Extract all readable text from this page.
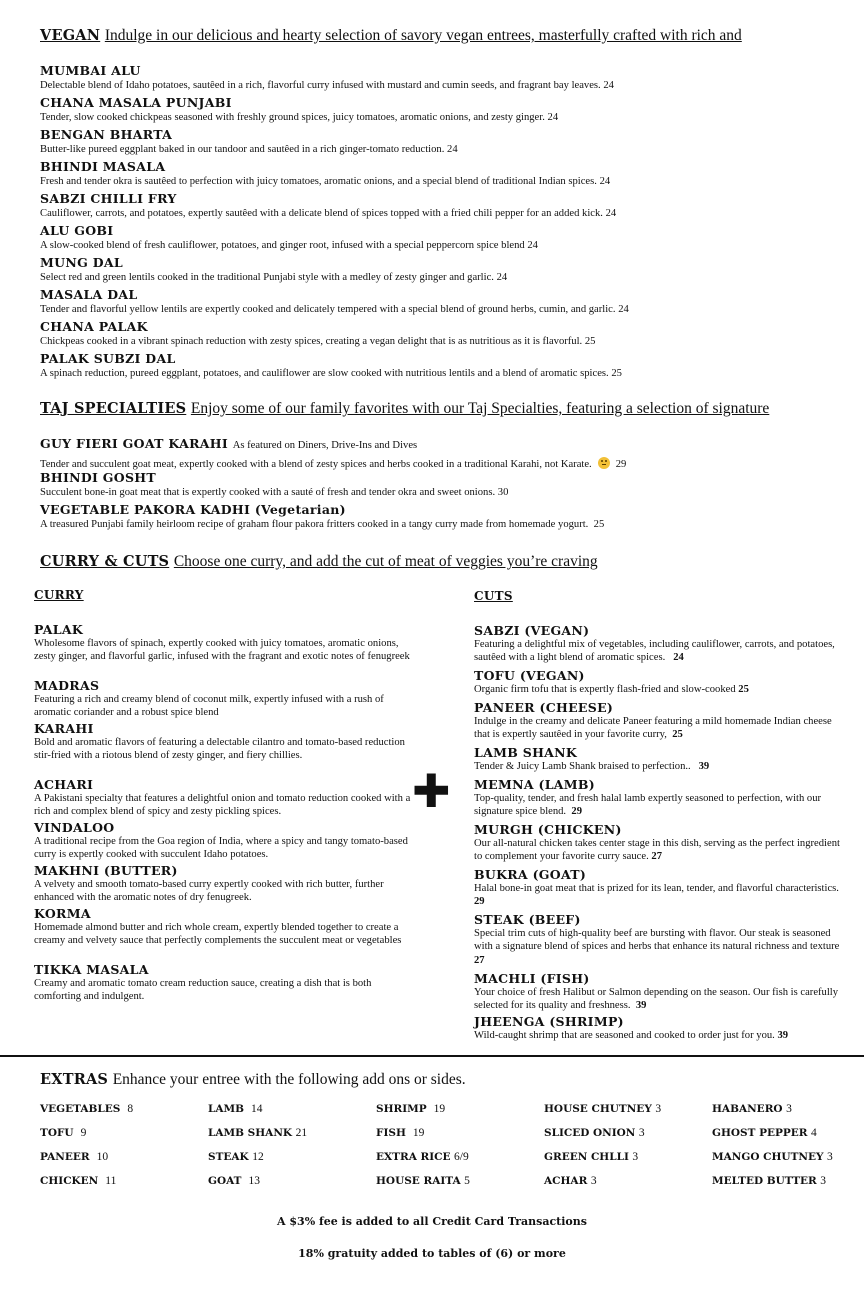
VEGAN Indulge in our delicious and hearty selection of savory vegan entrees, masterfully crafted with rich and
MUMBAI ALU
Delectable blend of Idaho potatoes, sautêed in a rich, flavorful curry infused with mustard and cumin seeds, and fragrant bay leaves. 24
CHANA MASALA PUNJABI
Tender, slow cooked chickpeas seasoned with freshly ground spices, juicy tomatoes, aromatic onions, and zesty ginger. 24
BENGAN BHARTA
Butter-like pureed eggplant baked in our tandoor and sautêed in a rich ginger-tomato reduction. 24
BHINDI MASALA
Fresh and tender okra is sautêed to perfection with juicy tomatoes, aromatic onions, and a special blend of traditional Indian spices. 24
SABZI CHILLI FRY
Cauliflower, carrots, and potatoes, expertly sautêed with a delicate blend of spices topped with a fried chili pepper for an added kick. 24
ALU GOBI
A slow-cooked blend of fresh cauliflower, potatoes, and ginger root, infused with a special peppercorn spice blend 24
MUNG DAL
Select red and green lentils cooked in the traditional Punjabi style with a medley of zesty ginger and garlic. 24
MASALA DAL
Tender and flavorful yellow lentils are expertly cooked and delicately tempered with a special blend of ground herbs, cumin, and garlic. 24
CHANA PALAK
Chickpeas cooked in a vibrant spinach reduction with zesty spices, creating a vegan delight that is as nutritious as it is flavorful. 25
PALAK SUBZI DAL
A spinach reduction, pureed eggplant, potatoes, and cauliflower are slow cooked with nutritious lentils and a blend of aromatic spices. 25
TAJ SPECIALTIES Enjoy some of our family favorites with our Taj Specialties, featuring a selection of signature
GUY FIERI GOAT KARAHI As featured on Diners, Drive-Ins and Dives
Tender and succulent goat meat, expertly cooked with a blend of zesty spices and herbs cooked in a traditional Karahi, not Karate. 29
BHINDI GOSHT
Succulent bone-in goat meat that is expertly cooked with a sauté of fresh and tender okra and sweet onions. 30
VEGETABLE PAKORA KADHI (Vegetarian)
A treasured Punjabi family heirloom recipe of graham flour pakora fritters cooked in a tangy curry made from homemade yogurt. 25
CURRY & CUTS Choose one curry, and add the cut of meat of veggies you’re craving
CURRY	CUTS
PALAK
Wholesome flavors of spinach, expertly cooked with juicy tomatoes, aromatic onions, zesty ginger, and flavorful garlic, infused with the fragrant and exotic notes of fenugreek
MADRAS
Featuring a rich and creamy blend of coconut milk, expertly infused with a rush of aromatic coriander and a robust spice blend
KARAHI
Bold and aromatic flavors of featuring a delectable cilantro and tomato-based reduction stir-fried with a riotous blend of zesty ginger, and fiery chillies.
ACHARI
A Pakistani specialty that features a delightful onion and tomato reduction cooked with a rich and complex blend of spicy and zesty pickling spices.
VINDALOO
A traditional recipe from the Goa region of India, where a spicy and tangy tomato-based curry is expertly cooked with succulent Idaho potatoes.
MAKHNI (BUTTER)
A velvety and smooth tomato-based curry expertly cooked with rich butter, further enhanced with the aromatic notes of dry fenugreek.
KORMA
Homemade almond butter and rich whole cream, expertly blended together to create a creamy and velvety sauce that perfectly complements the succulent meat or vegetables
TIKKA MASALA
Creamy and aromatic tomato cream reduction sauce, creating a dish that is both comforting and indulgent.
✚
SABZI (VEGAN)
Featuring a delightful mix of vegetables, including cauliflower, carrots, and potatoes, sautêed with a light blend of aromatic spices. 24
TOFU (VEGAN)
Organic firm tofu that is expertly flash-fried and slow-cooked 25
PANEER (CHEESE)
Indulge in the creamy and delicate Paneer featuring a mild homemade Indian cheese that is expertly sautêed in your favorite curry, 25
LAMB SHANK
Tender & Juicy Lamb Shank braised to perfection.. 39
MEMNA (LAMB)
Top-quality, tender, and fresh halal lamb expertly seasoned to perfection, with our signature spice blend. 29
MURGH (CHICKEN)
Our all-natural chicken takes center stage in this dish, serving as the perfect ingredient to complement your favorite curry sauce. 27
BUKRA (GOAT)
Halal bone-in goat meat that is prized for its lean, tender, and flavorful characteristics. 29
STEAK (BEEF)
Special trim cuts of high-quality beef are bursting with flavor. Our steak is seasoned with a signature blend of spices and herbs that enhance its natural richness and texture   27
MACHLI (FISH)
Your choice of fresh Halibut or Salmon depending on the season. Our fish is carefully selected for its quality and freshness. 39
JHEENGA (SHRIMP)
Wild-caught shrimp that are seasoned and cooked to order just for you. 39
EXTRAS Enhance your entree with the following add ons or sides.
VEGETABLES 8
TOFU 9
PANEER 10
CHICKEN 11
LAMB 14
LAMB SHANK 21
STEAK 12
GOAT 13
SHRIMP 19
FISH 19
EXTRA RICE 6/9
HOUSE RAITA 5
HOUSE CHUTNEY 3
SLICED ONION 3
GREEN CHLLI 3
ACHAR 3
HABANERO 3
GHOST PEPPER 4
MANGO CHUTNEY 3
MELTED BUTTER 3
A $3% fee is added to all Credit Card Transactions
18% gratuity added to tables of (6) or more
